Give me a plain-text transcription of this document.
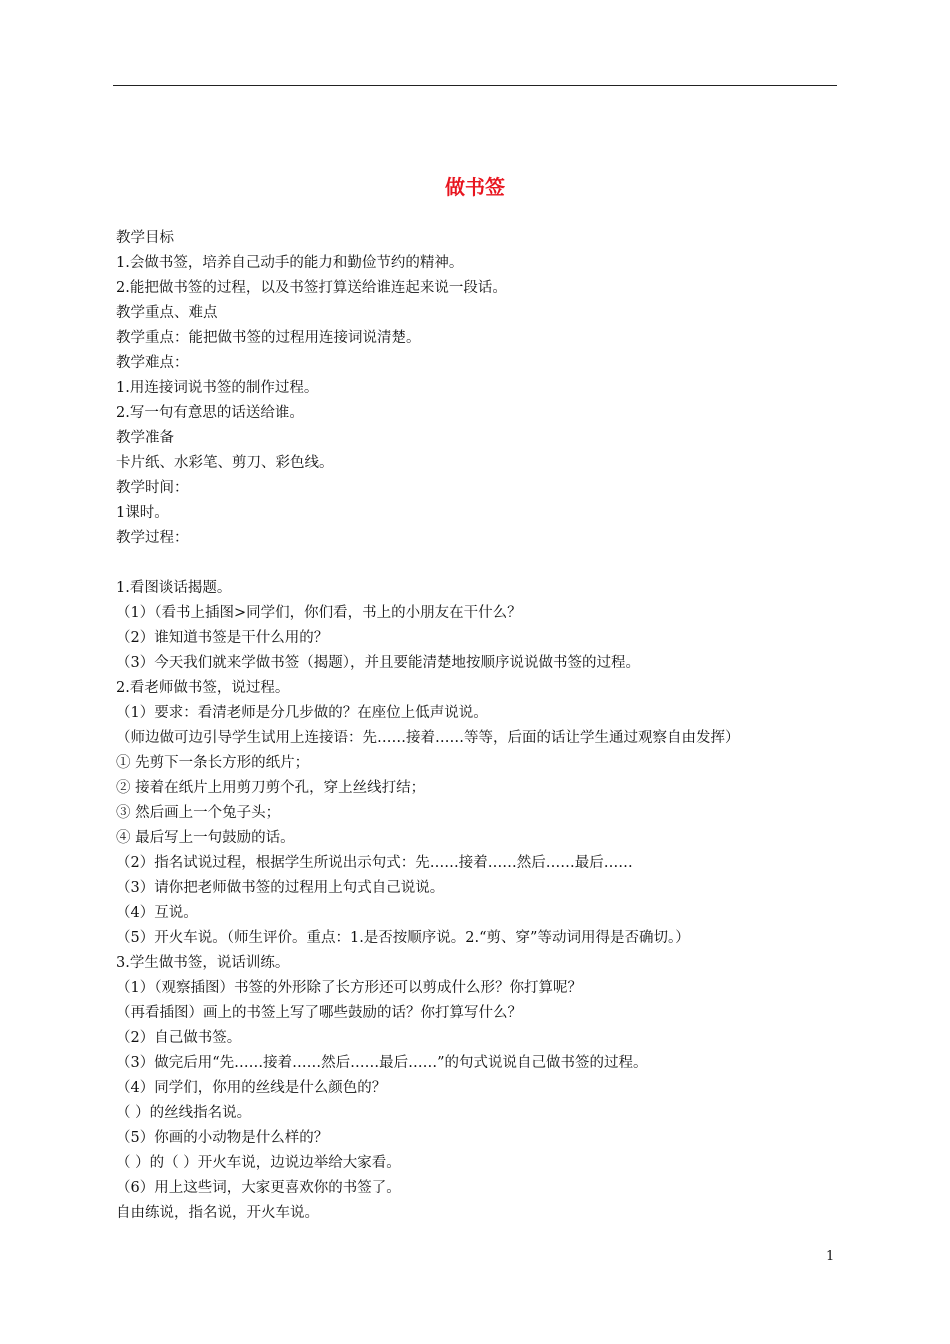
做书签
教学目标
1.会做书签，培养自己动手的能力和勤俭节约的精神。
2.能把做书签的过程，以及书签打算送给谁连起来说一段话。
教学重点、难点
教学重点：能把做书签的过程用连接词说清楚。
教学难点：
1.用连接词说书签的制作过程。
2.写一句有意思的话送给谁。
教学准备
卡片纸、水彩笔、剪刀、彩色线。
教学时间：
1课时。
教学过程：
1.看图谈话揭题。
（1）（看书上插图>同学们，你们看，书上的小朋友在干什么？
（2）谁知道书签是干什么用的？
（3）今天我们就来学做书签（揭题），并且要能清楚地按顺序说说做书签的过程。
2.看老师做书签，说过程。
（1）要求：看清老师是分几步做的？在座位上低声说说。
（师边做可边引导学生试用上连接语：先……接着……等等，后面的话让学生通过观察自由发挥）
① 先剪下一条长方形的纸片；
② 接着在纸片上用剪刀剪个孔，穿上丝线打结；
③ 然后画上一个兔子头；
④ 最后写上一句鼓励的话。
（2）指名试说过程，根据学生所说出示句式：先……接着……然后……最后……
（3）请你把老师做书签的过程用上句式自己说说。
（4）互说。
（5）开火车说。（师生评价。重点：1.是否按顺序说。2.“剪、穿”等动词用得是否确切。）
3.学生做书签，说话训练。
（1）（观察插图）书签的外形除了长方形还可以剪成什么形？你打算呢？
（再看插图）画上的书签上写了哪些鼓励的话？你打算写什么？
（2）自己做书签。
（3）做完后用“先……接着……然后……最后……”的句式说说自己做书签的过程。
（4）同学们，你用的丝线是什么颜色的？
（ ）的丝线指名说。
（5）你画的小动物是什么样的？
（ ）的（ ）开火车说，边说边举给大家看。
（6）用上这些词，大家更喜欢你的书签了。
自由练说，指名说，开火车说。
1
